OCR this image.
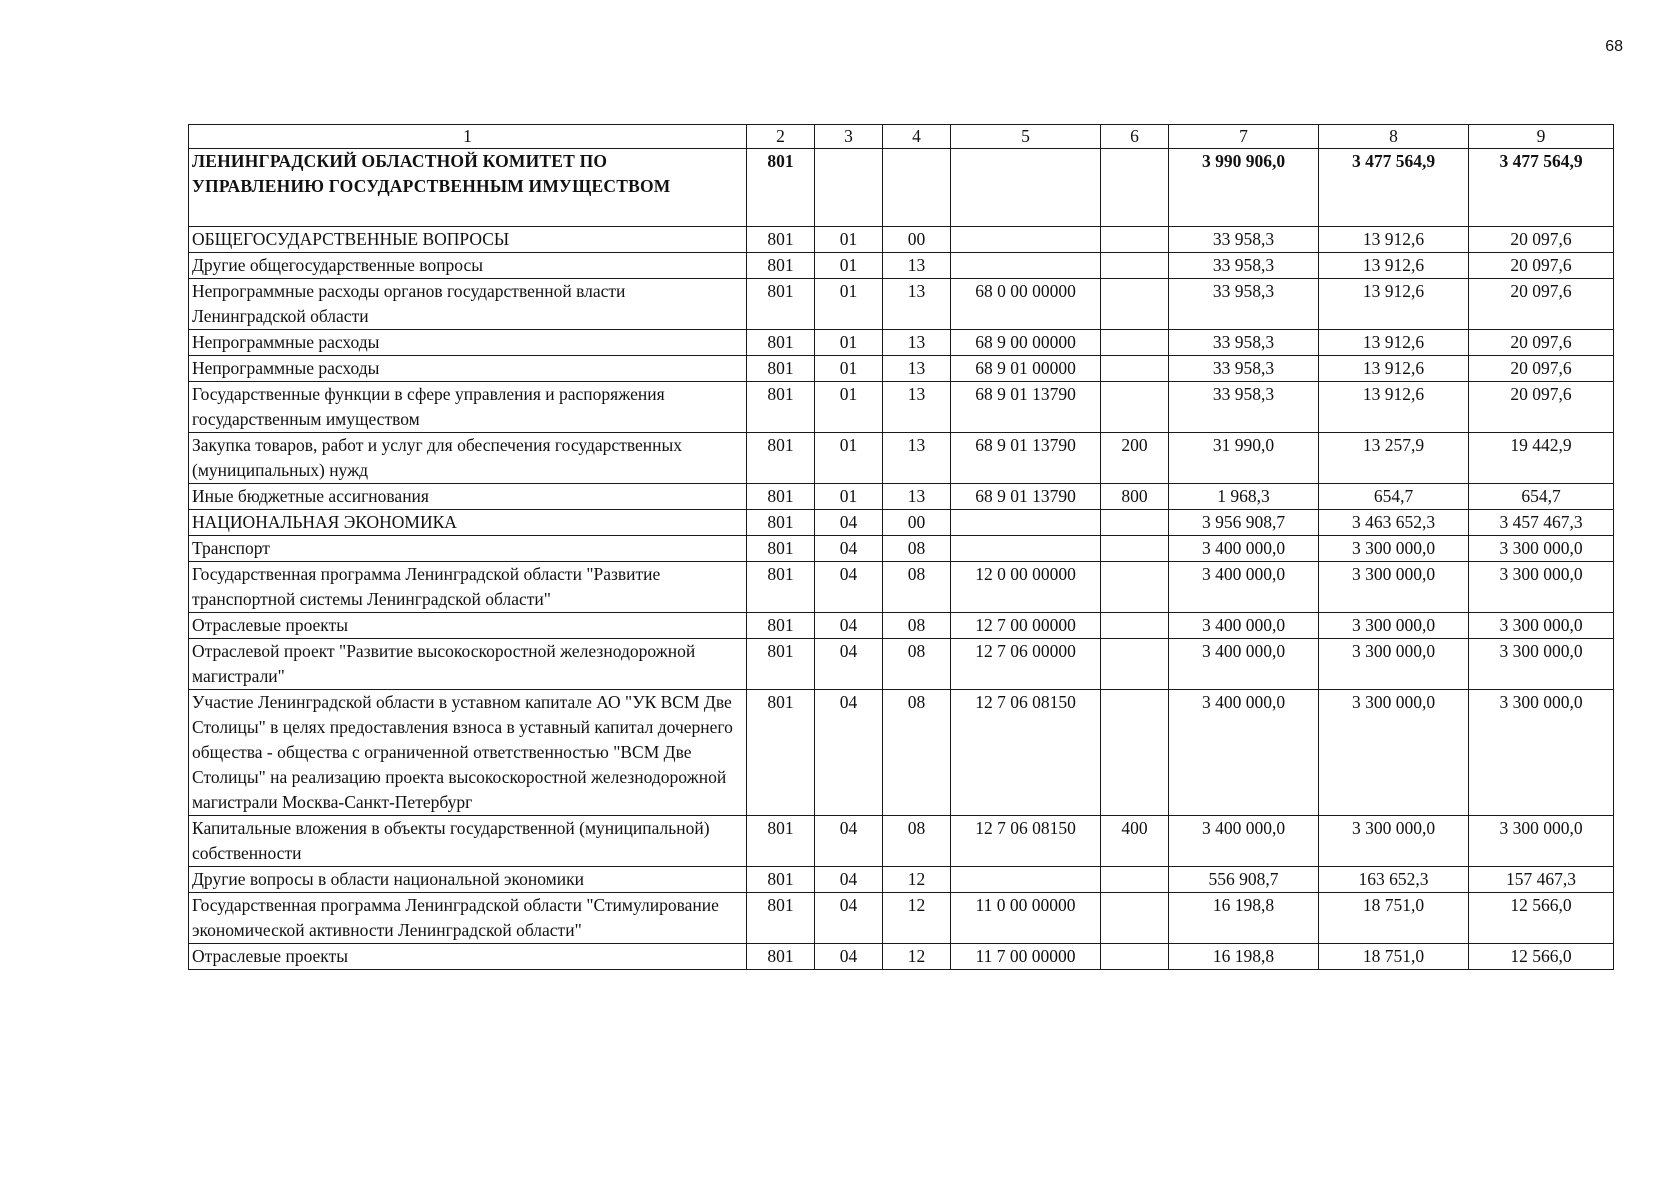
68
1	2	3	4	5	6	7	8	9
ЛЕНИНГРАДСКИЙ ОБЛАСТНОЙ КОМИТЕТ ПО УПРАВЛЕНИЮ ГОСУДАРСТВЕННЫМ ИМУЩЕСТВОМ	801					3 990 906,0	3 477 564,9	3 477 564,9
ОБЩЕГОСУДАРСТВЕННЫЕ ВОПРОСЫ	801	01	00			33 958,3	13 912,6	20 097,6
Другие общегосударственные вопросы	801	01	13			33 958,3	13 912,6	20 097,6
Непрограммные расходы органов государственной власти Ленинградской области	801	01	13	68 0 00 00000		33 958,3	13 912,6	20 097,6
Непрограммные расходы	801	01	13	68 9 00 00000		33 958,3	13 912,6	20 097,6
Непрограммные расходы	801	01	13	68 9 01 00000		33 958,3	13 912,6	20 097,6
Государственные функции в сфере управления и распоряжения государственным имуществом	801	01	13	68 9 01 13790		33 958,3	13 912,6	20 097,6
Закупка товаров, работ и услуг для обеспечения государственных (муниципальных) нужд	801	01	13	68 9 01 13790	200	31 990,0	13 257,9	19 442,9
Иные бюджетные ассигнования	801	01	13	68 9 01 13790	800	1 968,3	654,7	654,7
НАЦИОНАЛЬНАЯ ЭКОНОМИКА	801	04	00			3 956 908,7	3 463 652,3	3 457 467,3
Транспорт	801	04	08			3 400 000,0	3 300 000,0	3 300 000,0
Государственная программа Ленинградской области "Развитие транспортной системы Ленинградской области"	801	04	08	12 0 00 00000		3 400 000,0	3 300 000,0	3 300 000,0
Отраслевые проекты	801	04	08	12 7 00 00000		3 400 000,0	3 300 000,0	3 300 000,0
Отраслевой проект "Развитие высокоскоростной железнодорожной магистрали"	801	04	08	12 7 06 00000		3 400 000,0	3 300 000,0	3 300 000,0
Участие Ленинградской области в уставном капитале АО "УК ВСМ Две Столицы" в целях предоставления взноса в уставный капитал дочернего общества - общества с ограниченной ответственностью "ВСМ Две Столицы" на реализацию проекта высокоскоростной железнодорожной магистрали Москва-Санкт-Петербург	801	04	08	12 7 06 08150		3 400 000,0	3 300 000,0	3 300 000,0
Капитальные вложения в объекты государственной (муниципальной) собственности	801	04	08	12 7 06 08150	400	3 400 000,0	3 300 000,0	3 300 000,0
Другие вопросы в области национальной экономики	801	04	12			556 908,7	163 652,3	157 467,3
Государственная программа Ленинградской области "Стимулирование экономической активности Ленинградской области"	801	04	12	11 0 00 00000		16 198,8	18 751,0	12 566,0
Отраслевые проекты	801	04	12	11 7 00 00000		16 198,8	18 751,0	12 566,0
